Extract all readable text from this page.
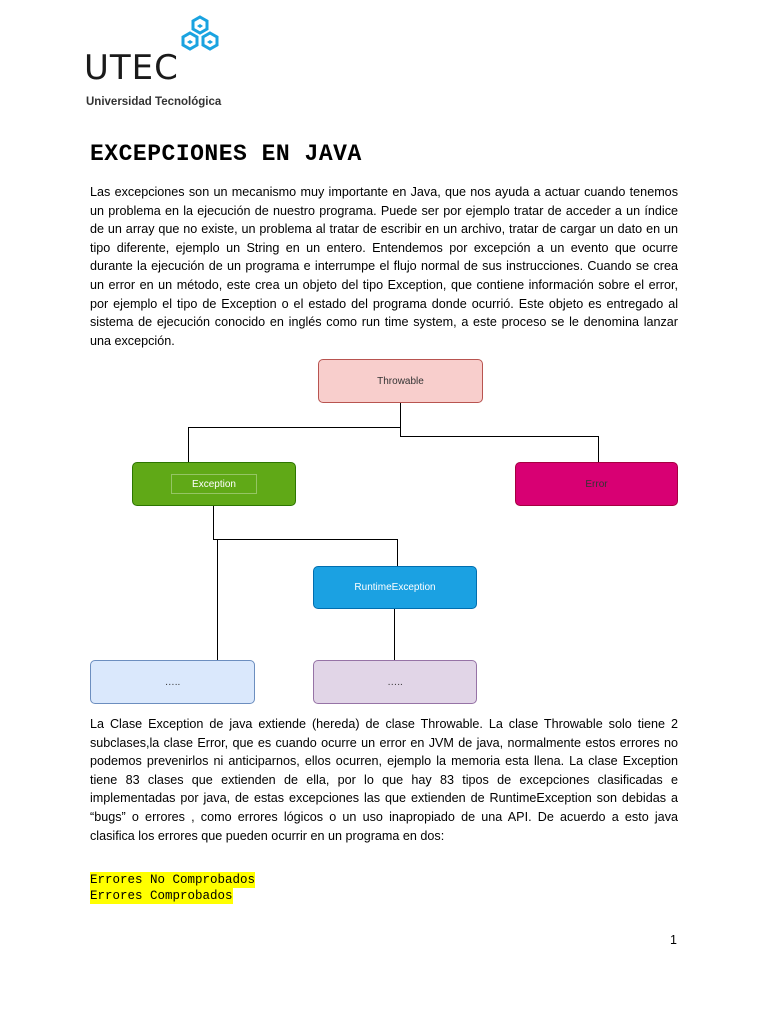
UTEC
Universidad Tecnológica
EXCEPCIONES EN JAVA

Las excepciones son un mecanismo muy importante en Java, que nos ayuda a actuar cuando tenemos un problema en la ejecución de nuestro programa. Puede ser por ejemplo tratar de acceder a un índice de un array que no existe, un problema al tratar de escribir en un archivo, tratar de cargar un dato en un tipo diferente, ejemplo un String en un entero. Entendemos por excepción a un evento que ocurre durante la ejecución de un programa e interrumpe el flujo normal de sus instrucciones. Cuando se crea un error en un método, este crea un objeto del tipo Exception, que contiene información sobre el error, por ejemplo el tipo de Exception o el estado del programa donde ocurrió. Este objeto es entregado al sistema de ejecución conocido en inglés como run time system, a este proceso se le denomina lanzar una excepción.

Throwable
Exception	Error
RuntimeException
…..	…..

La Clase Exception de java extiende (hereda) de clase Throwable. La clase Throwable solo tiene 2 subclases,la clase Error, que es cuando ocurre un error en JVM de java, normalmente estos errores no podemos prevenirlos ni anticiparnos, ellos ocurren, ejemplo la memoria esta llena. La clase Exception tiene 83 clases que extienden de ella, por lo que hay 83 tipos de excepciones clasificadas e implementadas por java, de estas excepciones las que extienden de RuntimeException son debidas a “bugs” o errores , como errores lógicos o un uso inapropiado de una API. De acuerdo a esto java clasifica los errores que pueden ocurrir en un programa en dos:

Errores No Comprobados
Errores Comprobados
1
